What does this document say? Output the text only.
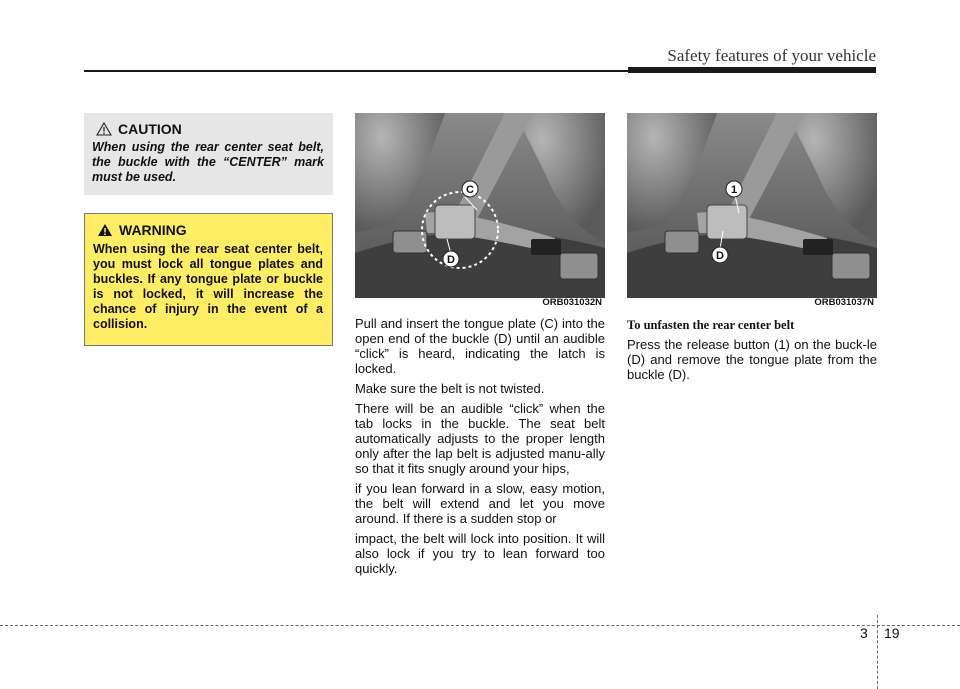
Safety features of your vehicle
CAUTION
When using the rear center seat belt, the buckle with the “CENTER” mark must be used.
WARNING
When using the rear seat center belt, you must lock all tongue plates and buckles. If any tongue plate or buckle is not locked, it will increase the chance of injury in the event of a collision.
C
D
ORB031032N
1
D
ORB031037N

Pull and insert the tongue plate (C) into the open end of the buckle (D) until an audible “click” is heard, indicating the latch is locked.

Make sure the belt is not twisted.

There will be an audible “click” when the tab locks in the buckle. The seat belt automatically adjusts to the proper length only after the lap belt is adjusted manu-ally so that it fits snugly around your hips,

if you lean forward in a slow, easy motion, the belt will extend and let you move around. If there is a sudden stop or

impact, the belt will lock into position. It will also lock if you try to lean forward too quickly.

To unfasten the rear center belt

Press the release button (1) on the buck-le (D) and remove the tongue plate from the buckle (D).

3 19
